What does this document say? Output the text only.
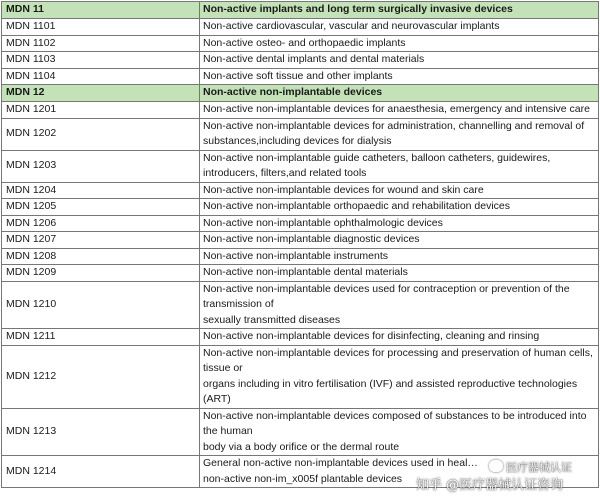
MDN 11	Non-active implants and long term surgically invasive devices
MDN 1101	Non-active cardiovascular, vascular and neurovascular implants
MDN 1102	Non-active osteo- and orthopaedic implants
MDN 1103	Non-active dental implants and dental materials
MDN 1104	Non-active soft tissue and other implants
MDN 12	Non-active non-implantable devices
MDN 1201	Non-active non-implantable devices for anaesthesia, emergency and intensive care
MDN 1202	Non-active non-implantable devices for administration, channelling and removal of substances,including devices for dialysis
MDN 1203	Non-active non-implantable guide catheters, balloon catheters, guidewires, introducers, filters,and related tools
MDN 1204	Non-active non-implantable devices for wound and skin care
MDN 1205	Non-active non-implantable orthopaedic and rehabilitation devices
MDN 1206	Non-active non-implantable ophthalmologic devices
MDN 1207	Non-active non-implantable diagnostic devices
MDN 1208	Non-active non-implantable instruments
MDN 1209	Non-active non-implantable dental materials
MDN 1210	Non-active non-implantable devices used for contraception or prevention of the transmission of
sexually transmitted diseases
MDN 1211	Non-active non-implantable devices for disinfecting, cleaning and rinsing
MDN 1212	Non-active non-implantable devices for processing and preservation of human cells, tissue or
organs including in vitro fertilisation (IVF) and assisted reproductive technologies (ART)
MDN 1213	Non-active non-implantable devices composed of substances to be introduced into the human
body via a body orifice or the dermal route
MDN 1214	General non-active non-implantable devices used in heal…
non-active non-im_x005f plantable devices
医疗器械认证
知乎 @医疗器械认证咨询
